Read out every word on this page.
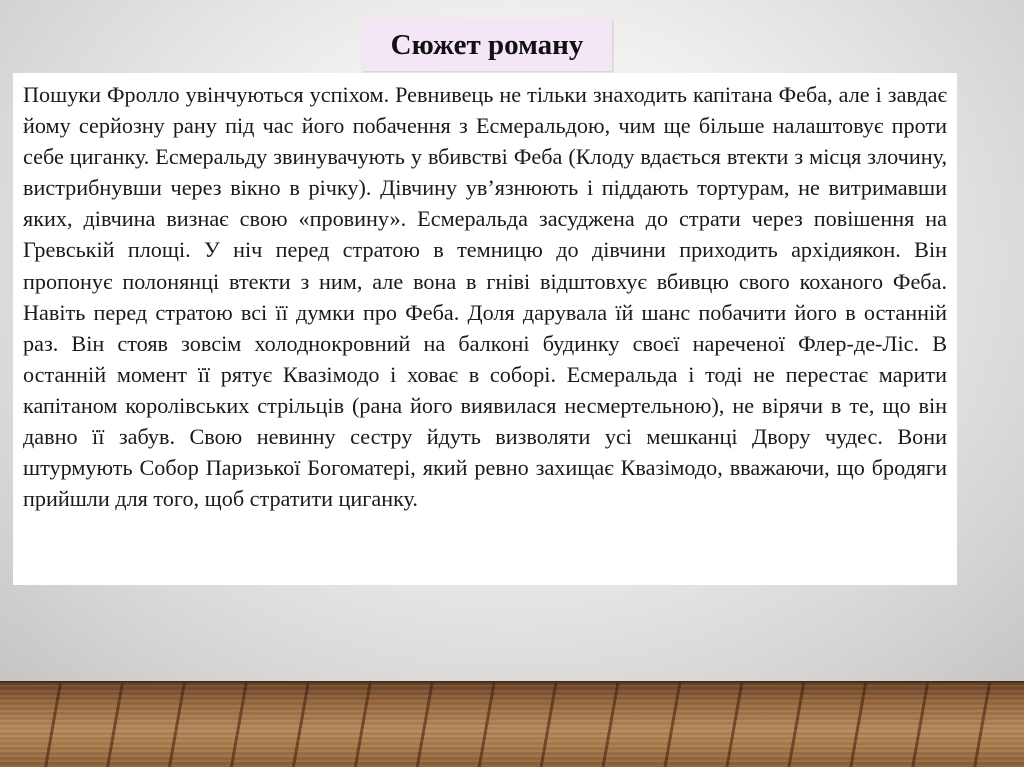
Сюжет роману

Пошуки Фролло увінчуються успіхом. Ревнивець не тільки знаходить капітана Феба, але і завдає йому серйозну рану під час його побачення з Есмеральдою, чим ще більше налаштовує проти себе циганку. Есмеральду звинувачують у вбивстві Феба (Клоду вдається втекти з місця злочину, вистрибнувши через вікно в річку). Дівчину ув’язнюють і піддають тортурам, не витримавши яких, дівчина визнає свою «провину». Есмеральда засуджена до страти через повішення на Гревській площі. У ніч перед стратою в темницю до дівчини приходить архідиякон. Він пропонує полонянці втекти з ним, але вона в гніві відштовхує вбивцю свого коханого Феба. Навіть перед стратою всі її думки про Феба. Доля дарувала їй шанс побачити його в останній раз. Він стояв зовсім холоднокровний на балконі будинку своєї нареченої Флер-де-Ліс. В останній момент її рятує Квазімодо і ховає в соборі. Есмеральда і тоді не перестає марити капітаном королівських стрільців (рана його виявилася несмертельною), не вірячи в те, що він давно її забув. Свою невинну сестру йдуть визволяти усі мешканці Двору чудес. Вони штурмують Собор Паризької Богоматері, який ревно захищає Квазімодо, вважаючи, що бродяги прийшли для того, щоб стратити циганку.
